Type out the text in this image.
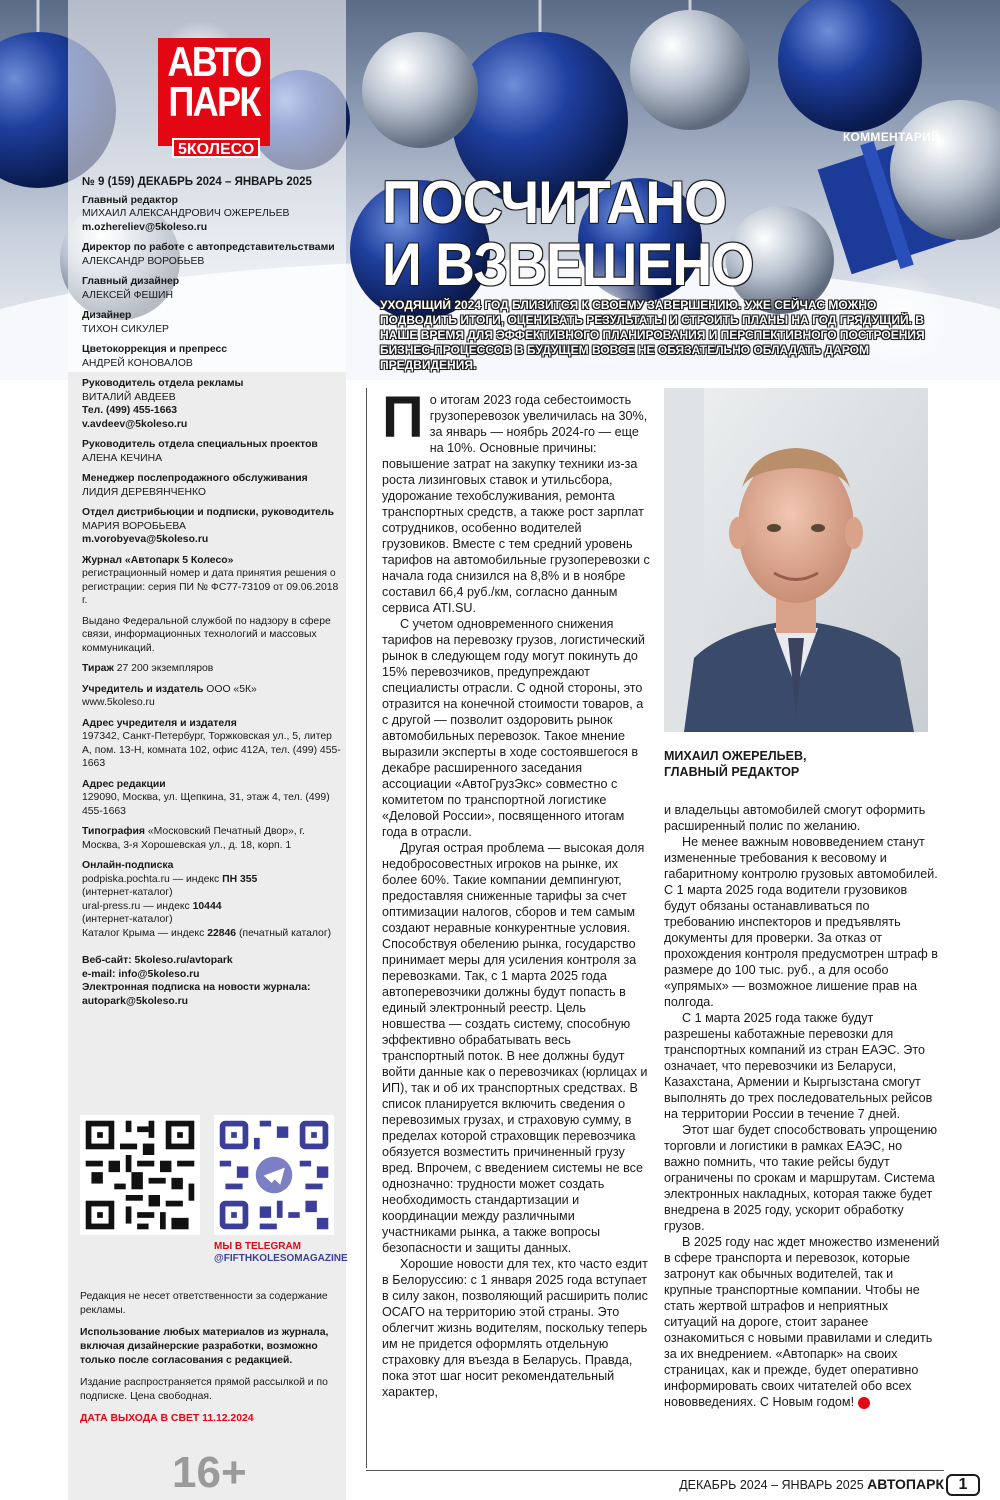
АВТО
ПАРК
5КОЛЕСО
№ 9 (159) ДЕКАБРЬ 2024 – ЯНВАРЬ 2025
Главный редактор
МИХАИЛ АЛЕКСАНДРОВИЧ ОЖЕРЕЛЬЕВ
m.ozhereliev@5koleso.ru
Директор по работе с автопредставительствами
АЛЕКСАНДР ВОРОБЬЕВ
Главный дизайнер
АЛЕКСЕЙ ФЕШИН
Дизайнер
ТИХОН СИКУЛЕР
Цветокоррекция и препресс
АНДРЕЙ КОНОВАЛОВ
Руководитель отдела рекламы
ВИТАЛИЙ АВДЕЕВ
Тел. (499) 455-1663
v.avdeev@5koleso.ru
Руководитель отдела специальных проектов
АЛЕНА КЕЧИНА
Менеджер послепродажного обслуживания
ЛИДИЯ ДЕРЕВЯНЧЕНКО
Отдел дистрибьюции и подписки, руководитель
МАРИЯ ВОРОБЬЕВА
m.vorobyeva@5koleso.ru
Журнал «Автопарк 5 Колесо»
регистрационный номер и дата принятия решения о регистрации: серия ПИ № ФС77-73109 от 09.06.2018 г.
Выдано Федеральной службой по надзору в сфере связи, информационных технологий и массовых коммуникаций.
Тираж 27 200 экземпляров
Учредитель и издатель ООО «5К»
www.5koleso.ru
Адрес учредителя и издателя
197342, Санкт-Петербург, Торжковская ул., 5, литер А, пом. 13-Н, комната 102, офис 412А, тел. (499) 455-1663
Адрес редакции
129090, Москва, ул. Щепкина, 31, этаж 4, тел. (499) 455-1663
Типография «Московский Печатный Двор», г. Москва, 3-я Хорошевская ул., д. 18, корп. 1
Онлайн-подписка
podpiska.pochta.ru — индекс ПН 355
(интернет-каталог)
ural-press.ru — индекс 10444
(интернет-каталог)
Каталог Крыма — индекс 22846 (печатный каталог)
Веб-сайт: 5koleso.ru/avtopark
e-mail: info@5koleso.ru
Электронная подписка на новости журнала:
autopark@5koleso.ru
МЫ В TELEGRAM
@FIFTHKOLESOMAGAZINE

Редакция не несет ответственности за содержание рекламы.

Использование любых материалов из журнала, включая дизайнерские разработки, возможно только после согласования с редакцией.

Издание распространяется прямой рассылкой и по подписке. Цена свободная.

ДАТА ВЫХОДА В СВЕТ 11.12.2024

16+
КОММЕНТАРИЙ
ПОСЧИТАНО
И ВЗВЕШЕНО
УХОДЯЩИЙ 2024 ГОД БЛИЗИТСЯ К СВОЕМУ ЗАВЕРШЕНИЮ. УЖЕ СЕЙЧАС МОЖНО ПОДВОДИТЬ ИТОГИ, ОЦЕНИВАТЬ РЕЗУЛЬТАТЫ И СТРОИТЬ ПЛАНЫ НА ГОД ГРЯДУЩИЙ. В НАШЕ ВРЕМЯ ДЛЯ ЭФФЕКТИВНОГО ПЛАНИРОВАНИЯ И ПЕРСПЕКТИВНОГО ПОСТРОЕНИЯ БИЗНЕС-ПРОЦЕССОВ В БУДУЩЕМ ВОВСЕ НЕ ОБЯЗАТЕЛЬНО ОБЛАДАТЬ ДАРОМ ПРЕДВИДЕНИЯ.

По итогам 2023 года себестоимость грузоперевозок увеличилась на 30%, за январь — ноябрь 2024-го — еще на 10%. Основные причины: повышение затрат на закупку техники из-за роста лизинговых ставок и утильсбора, удорожание техобслуживания, ремонта транспортных средств, а также рост зарплат сотрудников, особенно водителей грузовиков. Вместе с тем средний уровень тарифов на автомобильные грузоперевозки с начала года снизился на 8,8% и в ноябре составил 66,4 руб./км, согласно данным сервиса ATI.SU.

С учетом одновременного снижения тарифов на перевозку грузов, логистический рынок в следующем году могут покинуть до 15% перевозчиков, предупреждают специалисты отрасли. С одной стороны, это отразится на конечной стоимости товаров, а с другой — позволит оздоровить рынок автомобильных перевозок. Такое мнение выразили эксперты в ходе состоявшегося в декабре расширенного заседания ассоциации «АвтоГрузЭкс» совместно с комитетом по транспортной логистике «Деловой России», посвященного итогам года в отрасли.

Другая острая проблема — высокая доля недобросовестных игроков на рынке, их более 60%. Такие компании демпингуют, предоставляя сниженные тарифы за счет оптимизации налогов, сборов и тем самым создают неравные конкурентные условия. Способствуя обелению рынка, государство принимает меры для усиления контроля за перевозками. Так, с 1 марта 2025 года автоперевозчики должны будут попасть в единый электронный реестр. Цель новшества — создать систему, способную эффективно обрабатывать весь транспортный поток. В нее должны будут войти данные как о перевозчиках (юрлицах и ИП), так и об их транспортных средствах. В список планируется включить сведения о перевозимых грузах, и страховую сумму, в пределах которой страховщик перевозчика обязуется возместить причиненный грузу вред. Впрочем, с введением системы не все однозначно: трудности может создать необходимость стандартизации и координации между различными участниками рынка, а также вопросы безопасности и защиты данных.

Хорошие новости для тех, кто часто ездит в Белоруссию: с 1 января 2025 года вступает в силу закон, позволяющий расширить полис ОСАГО на территорию этой страны. Это облегчит жизнь водителям, поскольку теперь им не придется оформлять отдельную страховку для въезда в Беларусь. Правда, пока этот шаг носит рекомендательный характер,

МИХАИЛ ОЖЕРЕЛЬЕВ,
ГЛАВНЫЙ РЕДАКТОР

и владельцы автомобилей смогут оформить расширенный полис по желанию.

Не менее важным нововведением станут измененные требования к весовому и габаритному контролю грузовых автомобилей. С 1 марта 2025 года водители грузовиков будут обязаны останавливаться по требованию инспекторов и предъявлять документы для проверки. За отказ от прохождения контроля предусмотрен штраф в размере до 100 тыс. руб., а для особо «упрямых» — возможное лишение прав на полгода.

С 1 марта 2025 года также будут разрешены каботажные перевозки для транспортных компаний из стран ЕАЭС. Это означает, что перевозчики из Беларуси, Казахстана, Армении и Кыргызстана смогут выполнять до трех последовательных рейсов на территории России в течение 7 дней.

Этот шаг будет способствовать упрощению торговли и логистики в рамках ЕАЭС, но важно помнить, что такие рейсы будут ограничены по срокам и маршрутам. Система электронных накладных, которая также будет внедрена в 2025 году, ускорит обработку грузов.

В 2025 году нас ждет множество изменений в сфере транспорта и перевозок, которые затронут как обычных водителей, так и крупные транспортные компании. Чтобы не стать жертвой штрафов и неприятных ситуаций на дороге, стоит заранее ознакомиться с новыми правилами и следить за их внедрением. «Автопарк» на своих страницах, как и прежде, будет оперативно информировать своих читателей обо всех нововведениях. С Новым годом!	STOP

ДЕКАБРЬ 2024 – ЯНВАРЬ 2025 АВТОПАРК 1
